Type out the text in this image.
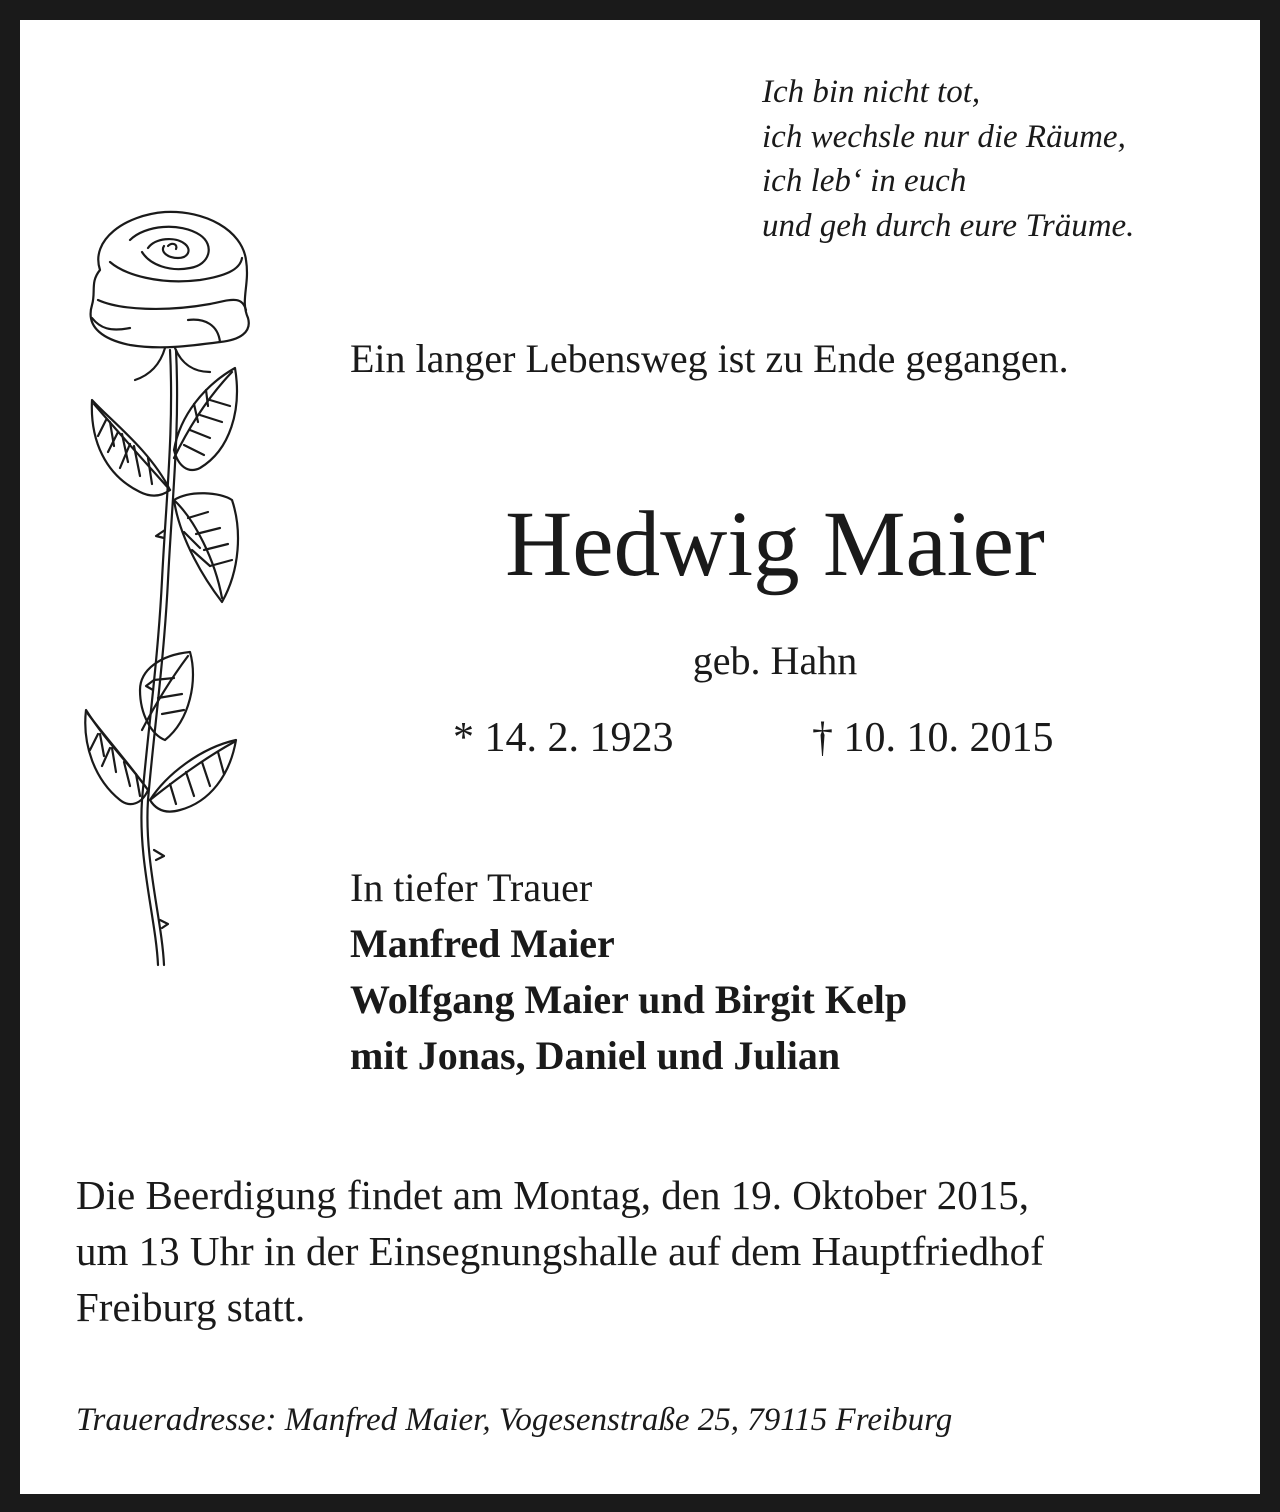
Ich bin nicht tot,
ich wechsle nur die Räume,
ich leb‘ in euch
und geh durch eure Träume.
Ein langer Lebensweg ist zu Ende gegangen.
Hedwig Maier
geb. Hahn
* 14. 2. 1923	† 10. 10. 2015
In tiefer Trauer
Manfred Maier
Wolfgang Maier und Birgit Kelp
mit Jonas, Daniel und Julian
Die Beerdigung findet am Montag, den 19. Oktober 2015,
um 13 Uhr in der Einsegnungshalle auf dem Hauptfriedhof
Freiburg statt.
Traueradresse: Manfred Maier, Vogesenstraße 25, 79115 Freiburg
